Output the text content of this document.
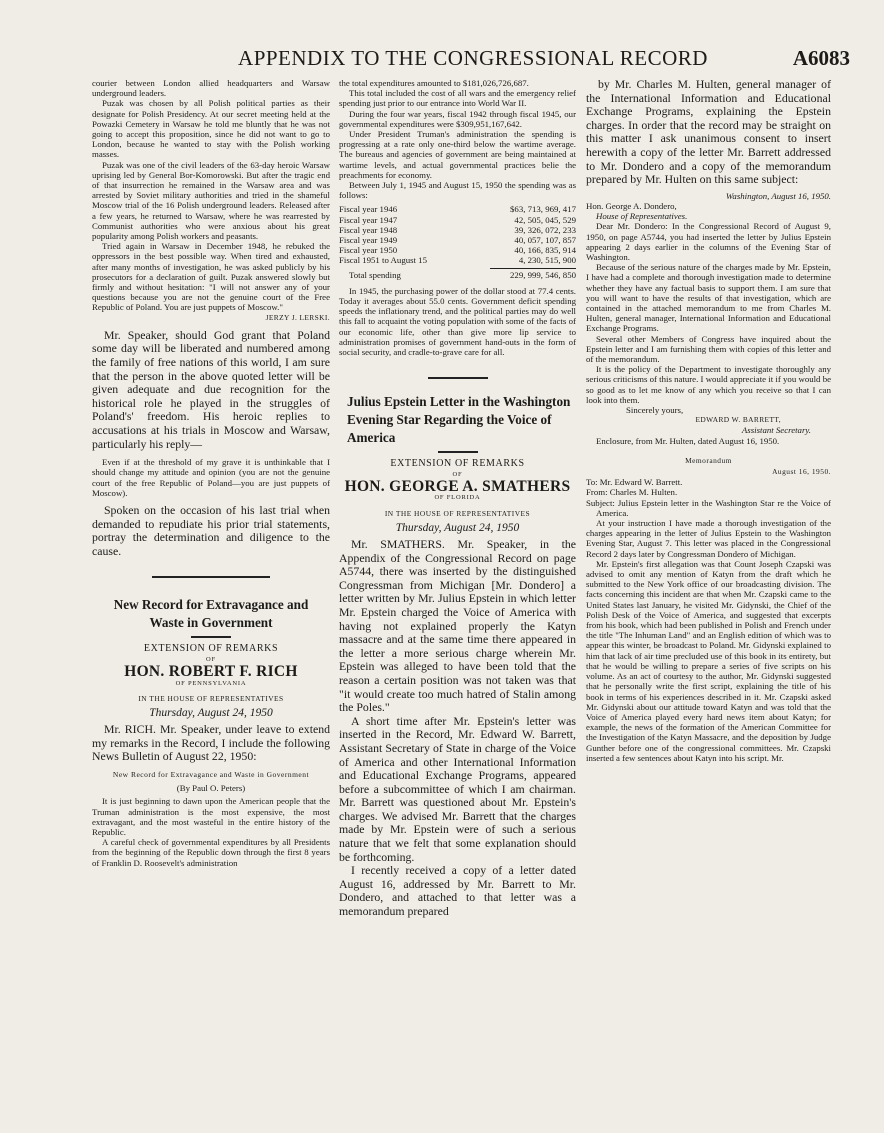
APPENDIX TO THE CONGRESSIONAL RECORD	A6083

courier between London allied headquarters and Warsaw underground leaders.

Puzak was chosen by all Polish political parties as their designate for Polish Presidency. At our secret meeting held at the Powazki Cemetery in Warsaw he told me bluntly that he was not going to accept this proposition, since he did not want to go to London, because he wanted to stay with the Polish working masses.

Puzak was one of the civil leaders of the 63-day heroic Warsaw uprising led by General Bor-Komorowski. But after the tragic end of that insurrection he remained in the Warsaw area and was arrested by Soviet military authorities and tried in the shameful Moscow trial of the 16 Polish underground leaders. Released after a few years, he returned to Warsaw, where he was rearrested by Communist authorities who were anxious about his great popularity among Polish workers and peasants.

Tried again in Warsaw in December 1948, he rebuked the oppressors in the best possible way. When tired and exhausted, after many months of investigation, he was asked publicly by his prosecutors for a declaration of guilt. Puzak answered slowly but firmly and without hesitation: "I will not answer any of your questions because you are not the genuine court of the Free Republic of Poland. You are just puppets of Moscow."

JERZY J. LERSKI.

Mr. Speaker, should God grant that Poland some day will be liberated and numbered among the family of free nations of this world, I am sure that the person in the above quoted letter will be given adequate and due recognition for the historical role he played in the struggles of Poland's' freedom. His heroic replies to accusations at his trials in Moscow and Warsaw, particularly his reply—

Even if at the threshold of my grave it is unthinkable that I should change my attitude and opinion (you are not the genuine court of the free Republic of Poland—you are just puppets of Moscow).

Spoken on the occasion of his last trial when demanded to repudiate his prior trial statements, portray the determination and diligence to the cause.

New Record for Extravagance and Waste in Government
EXTENSION OF REMARKS
OF
HON. ROBERT F. RICH
OF PENNSYLVANIA
IN THE HOUSE OF REPRESENTATIVES
Thursday, August 24, 1950

Mr. RICH. Mr. Speaker, under leave to extend my remarks in the Record, I include the following News Bulletin of August 22, 1950:

New Record for Extravagance and Waste in Government
(By Paul O. Peters)

It is just beginning to dawn upon the American people that the Truman administration is the most expensive, the most extravagant, and the most wasteful in the entire history of the Republic.

A careful check of governmental expenditures by all Presidents from the beginning of the Republic down through the first 8 years of Franklin D. Roosevelt's administration

the total expenditures amounted to $181,026,726,687.

This total included the cost of all wars and the emergency relief spending just prior to our entrance into World War II.

During the four war years, fiscal 1942 through fiscal 1945, our governmental expenditures were $309,951,167,642.

Under President Truman's administration the spending is progressing at a rate only one-third below the wartime average. The bureaus and agencies of government are being maintained at wartime levels, and actual governmental practices belie the preachments for economy.

Between July 1, 1945 and August 15, 1950 the spending was as follows:

Fiscal year 1946	$63, 713, 969, 417
Fiscal year 1947	42, 505, 045, 529
Fiscal year 1948	39, 326, 072, 233
Fiscal year 1949	40, 057, 107, 857
Fiscal year 1950	40, 166, 835, 914
Fiscal 1951 to August 15	4, 230, 515, 900
Total spending	229, 999, 546, 850

In 1945, the purchasing power of the dollar stood at 77.4 cents. Today it averages about 55.0 cents. Government deficit spending speeds the inflationary trend, and the political parties may do well this fall to acquaint the voting population with some of the facts of our economic life, other than give more lip service to administration promises of government hand-outs in the form of social security, and cradle-to-grave care for all.

Julius Epstein Letter in the Washington Evening Star Regarding the Voice of America
EXTENSION OF REMARKS
OF
HON. GEORGE A. SMATHERS
OF FLORIDA
IN THE HOUSE OF REPRESENTATIVES
Thursday, August 24, 1950

Mr. SMATHERS. Mr. Speaker, in the Appendix of the Congressional Record on page A5744, there was inserted by the distinguished Congressman from Michigan [Mr. Dondero] a letter written by Mr. Julius Epstein in which letter Mr. Epstein charged the Voice of America with having not explained properly the Katyn massacre and at the same time there appeared in the letter a more serious charge wherein Mr. Epstein was alleged to have been told that the reason a certain position was not taken was that "it would create too much hatred of Stalin among the Poles."

A short time after Mr. Epstein's letter was inserted in the Record, Mr. Edward W. Barrett, Assistant Secretary of State in charge of the Voice of America and other International Information and Educational Exchange Programs, appeared before a subcommittee of which I am chairman. Mr. Barrett was questioned about Mr. Epstein's charges. We advised Mr. Barrett that the charges made by Mr. Epstein were of such a serious nature that we felt that some explanation should be forthcoming.

I recently received a copy of a letter dated August 16, addressed by Mr. Barrett to Mr. Dondero, and attached to that letter was a memorandum prepared

by Mr. Charles M. Hulten, general manager of the International Information and Educational Exchange Programs, explaining the Epstein charges. In order that the record may be straight on this matter I ask unanimous consent to insert herewith a copy of the letter Mr. Barrett addressed to Mr. Dondero and a copy of the memorandum prepared by Mr. Hulten on this same subject:

Washington, August 16, 1950.

Hon. George A. Dondero,

House of Representatives.

Dear Mr. Dondero: In the Congressional Record of August 9, 1950, on page A5744, you had inserted the letter by Julius Epstein appearing 2 days earlier in the columns of the Evening Star of Washington.

Because of the serious nature of the charges made by Mr. Epstein, I have had a complete and thorough investigation made to determine whether they have any factual basis to support them. I am sure that you will want to have the results of that investigation, which are contained in the attached memorandum to me from Charles M. Hulten, general manager, International Information and Educational Exchange Programs.

Several other Members of Congress have inquired about the Epstein letter and I am furnishing them with copies of this letter and of the memorandum.

It is the policy of the Department to investigate thoroughly any serious criticisms of this nature. I would appreciate it if you would be so good as to let me know of any which you receive so that I can look into them.

Sincerely yours,

EDWARD W. BARRETT,

Assistant Secretary.

Enclosure, from Mr. Hulten, dated August 16, 1950.

Memorandum
August 16, 1950.

To: Mr. Edward W. Barrett.

From: Charles M. Hulten.

Subject: Julius Epstein letter in the Washington Star re the Voice of America.

At your instruction I have made a thorough investigation of the charges appearing in the letter of Julius Epstein to the Washington Evening Star, August 7. This letter was placed in the Congressional Record 2 days later by Congressman Dondero of Michigan.

Mr. Epstein's first allegation was that Count Joseph Czapski was advised to omit any mention of Katyn from the draft which he submitted to the New York office of our broadcasting division. The facts concerning this incident are that when Mr. Czapski came to the United States last January, he visited Mr. Gidynski, the Chief of the Polish Desk of the Voice of America, and suggested that excerpts from his book, which had been published in Polish and French under the title "The Inhuman Land" and an English edition of which was to appear this winter, be broadcast to Poland. Mr. Gidynski explained to him that lack of air time precluded use of this book in its entirety, but that he would be willing to prepare a series of five scripts on his volume. As an act of courtesy to the author, Mr. Gidynski suggested that he personally write the first script, explaining the title of his book in terms of his experiences described in it. Mr. Czapski asked Mr. Gidynski about our attitude toward Katyn and was told that the Voice of America played every hard news item about Katyn; for example, the news of the formation of the American Committee for the Investigation of the Katyn Massacre, and the deposition by Judge Gunther before one of the congressional committees. Mr. Czapski inserted a few sentences about Katyn into his script. Mr.
